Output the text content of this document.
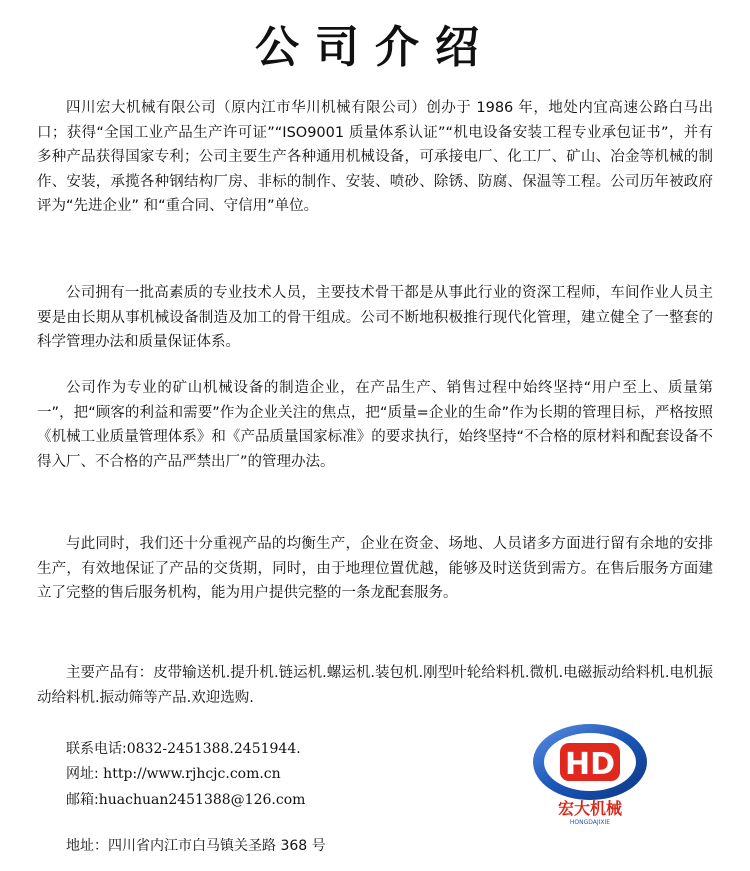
公司介绍

四川宏大机械有限公司（原内江市华川机械有限公司）创办于 1986 年，地处内宜高速公路白马出口；获得“全国工业产品生产许可证”“ISO9001 质量体系认证”“机电设备安装工程专业承包证书”，并有多种产品获得国家专利；公司主要生产各种通用机械设备，可承接电厂、化工厂、矿山、冶金等机械的制作、安装，承揽各种钢结构厂房、非标的制作、安装、喷砂、除锈、防腐、保温等工程。公司历年被政府评为“先进企业” 和“重合同、守信用”单位。

公司拥有一批高素质的专业技术人员，主要技术骨干都是从事此行业的资深工程师，车间作业人员主要是由长期从事机械设备制造及加工的骨干组成。公司不断地积极推行现代化管理，建立健全了一整套的科学管理办法和质量保证体系。

公司作为专业的矿山机械设备的制造企业，在产品生产、销售过程中始终坚持“用户至上、质量第一”，把“顾客的利益和需要”作为企业关注的焦点，把“质量=企业的生命”作为长期的管理目标，严格按照《机械工业质量管理体系》和《产品质量国家标准》的要求执行，始终坚持“不合格的原材料和配套设备不得入厂、不合格的产品严禁出厂”的管理办法。

与此同时，我们还十分重视产品的均衡生产，企业在资金、场地、人员诸多方面进行留有余地的安排生产，有效地保证了产品的交货期，同时，由于地理位置优越，能够及时送货到需方。在售后服务方面建立了完整的售后服务机构，能为用户提供完整的一条龙配套服务。

主要产品有：皮带输送机.提升机.链运机.螺运机.装包机.刚型叶轮给料机.微机.电磁振动给料机.电机振动给料机.振动筛等产品.欢迎选购.

联系电话:0832-2451388.2451944.
网址: http://www.rjhcjc.com.cn
邮箱:huachuan2451388@126.com
地址：四川省内江市白马镇关圣路 368 号
HD
宏大机械
HONGDAJIXIE
